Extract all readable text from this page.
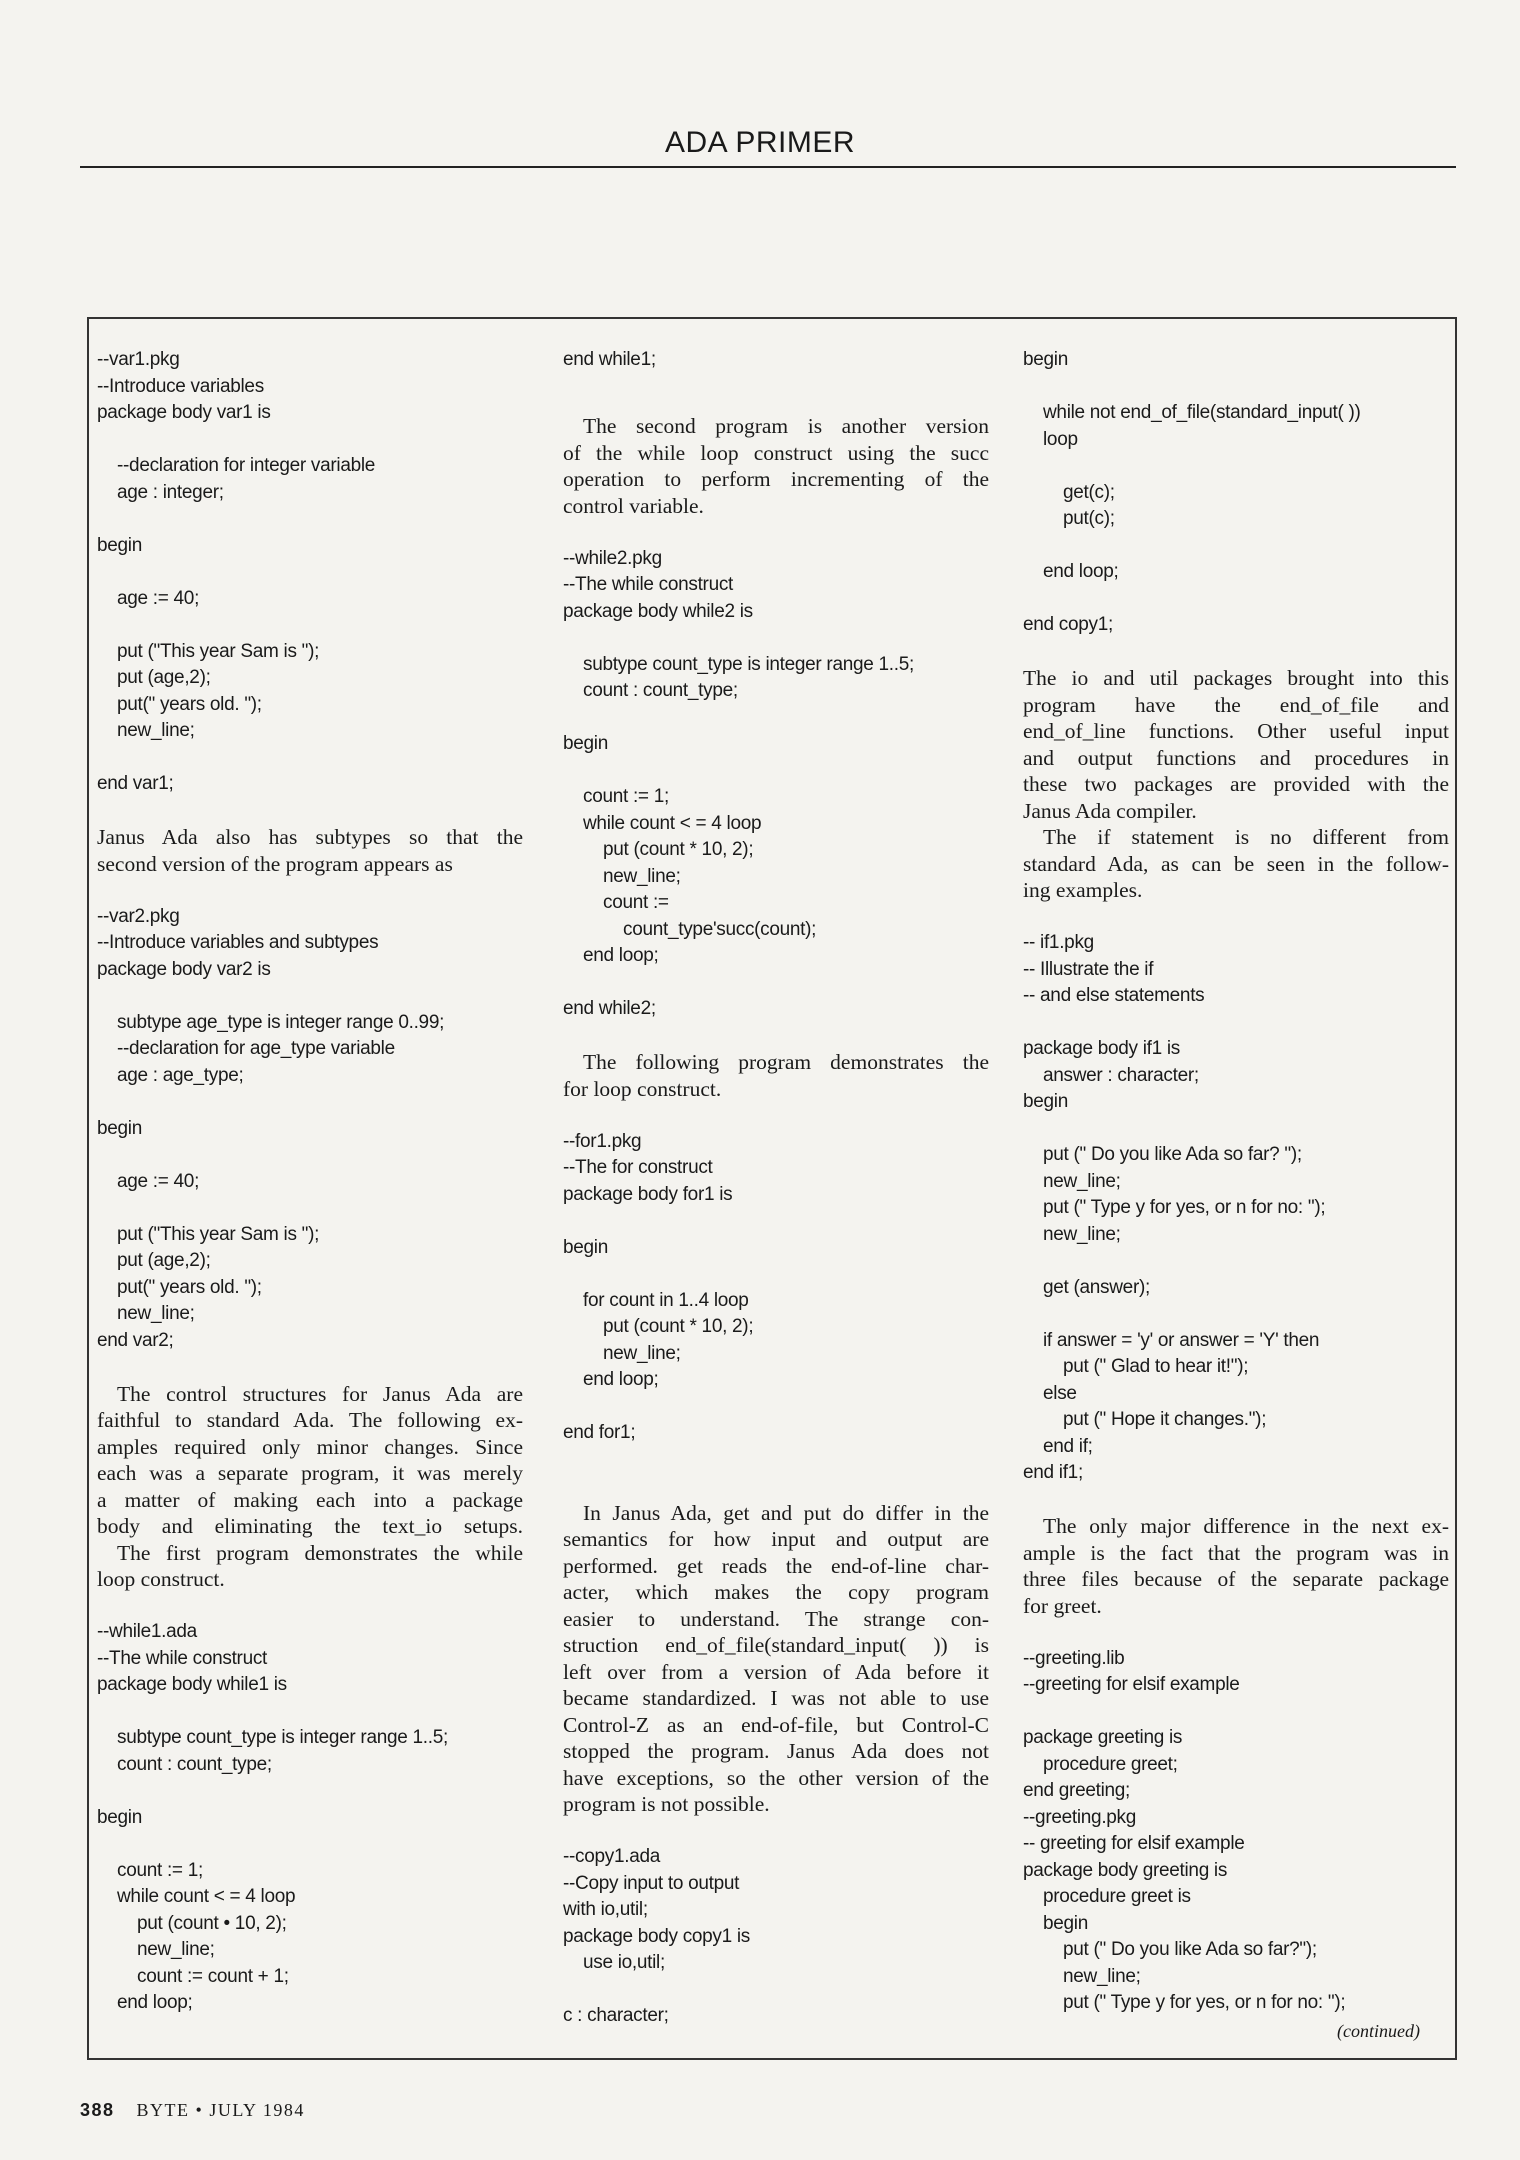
ADA PRIMER
--var1.pkg
--Introduce variables
package body var1 is
--declaration for integer variable
age : integer;
begin
age := 40;
put ("This year Sam is ");
put (age,2);
put(" years old. ");
new_line;
end var1;
Janus Ada also has subtypes so that the
second version of the program appears as
--var2.pkg
--Introduce variables and subtypes
package body var2 is
subtype age_type is integer range 0..99;
--declaration for age_type variable
age : age_type;
begin
age := 40;
put ("This year Sam is ");
put (age,2);
put(" years old. ");
new_line;
end var2;
The control structures for Janus Ada are
faithful to standard Ada. The following ex-
amples required only minor changes. Since
each was a separate program, it was merely
a matter of making each into a package
body and eliminating the text_io setups.
The first program demonstrates the while
loop construct.
--while1.ada
--The while construct
package body while1 is
subtype count_type is integer range 1..5;
count : count_type;
begin
count := 1;
while count < = 4 loop
put (count • 10, 2);
new_line;
count := count + 1;
end loop;
end while1;
The second program is another version
of the while loop construct using the succ
operation to perform incrementing of the
control variable.
--while2.pkg
--The while construct
package body while2 is
subtype count_type is integer range 1..5;
count : count_type;
begin
count := 1;
while count < = 4 loop
put (count * 10, 2);
new_line;
count :=
count_type'succ(count);
end loop;
end while2;
The following program demonstrates the
for loop construct.
--for1.pkg
--The for construct
package body for1 is
begin
for count in 1..4 loop
put (count * 10, 2);
new_line;
end loop;
end for1;
In Janus Ada, get and put do differ in the
semantics for how input and output are
performed. get reads the end-of-line char-
acter, which makes the copy program
easier to understand. The strange con-
struction end_of_file(standard_input( )) is
left over from a version of Ada before it
became standardized. I was not able to use
Control-Z as an end-of-file, but Control-C
stopped the program. Janus Ada does not
have exceptions, so the other version of the
program is not possible.
--copy1.ada
--Copy input to output
with io,util;
package body copy1 is
use io,util;
c : character;
begin
while not end_of_file(standard_input( ))
loop
get(c);
put(c);
end loop;
end copy1;
The io and util packages brought into this
program have the end_of_file and
end_of_line functions. Other useful input
and output functions and procedures in
these two packages are provided with the
Janus Ada compiler.
The if statement is no different from
standard Ada, as can be seen in the follow-
ing examples.
-- if1.pkg
-- Illustrate the if
-- and else statements
package body if1 is
answer : character;
begin
put (" Do you like Ada so far? ");
new_line;
put (" Type y for yes, or n for no: ");
new_line;
get (answer);
if answer = 'y' or answer = 'Y' then
put (" Glad to hear it!");
else
put (" Hope it changes.");
end if;
end if1;
The only major difference in the next ex-
ample is the fact that the program was in
three files because of the separate package
for greet.
--greeting.lib
--greeting for elsif example
package greeting is
procedure greet;
end greeting;
--greeting.pkg
-- greeting for elsif example
package body greeting is
procedure greet is
begin
put (" Do you like Ada so far?");
new_line;
put (" Type y for yes, or n for no: ");
(continued)
388 BYTE • JULY 1984
